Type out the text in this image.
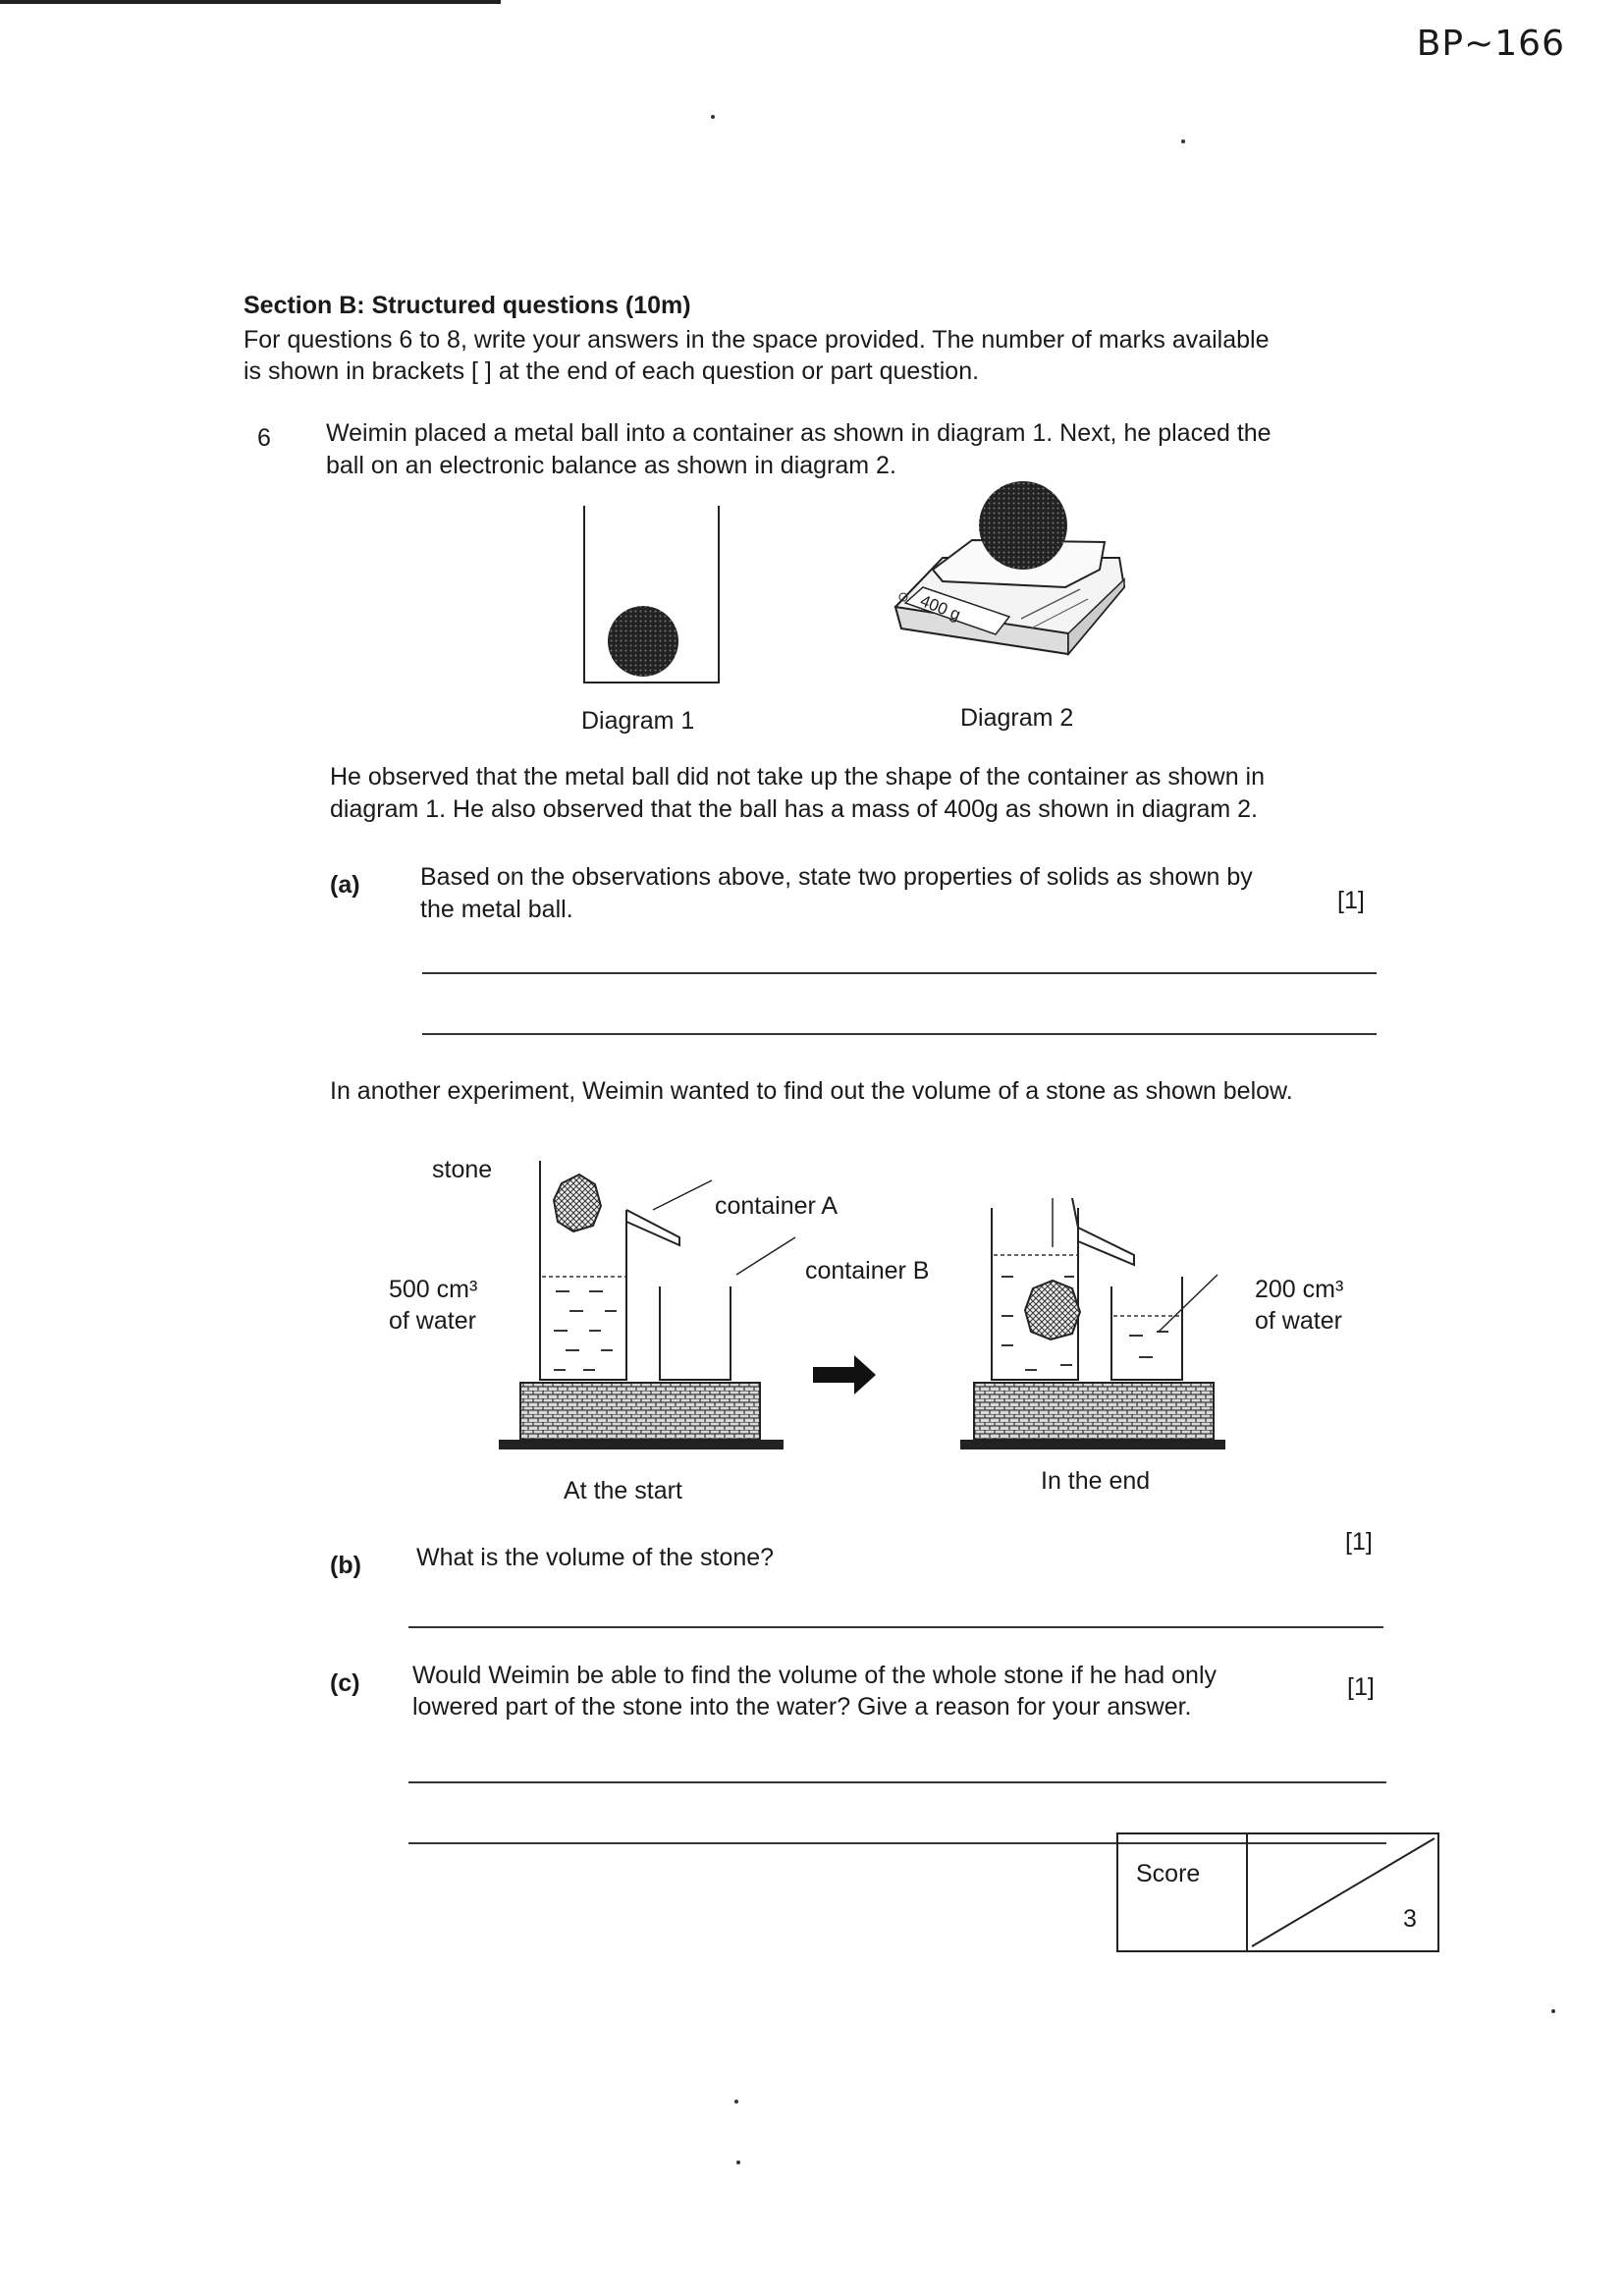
BP~166
Section B: Structured questions (10m)
For questions 6 to 8, write your answers in the space provided. The number of marks available
is shown in brackets [ ] at the end of each question or part question.
6 Weimin placed a metal ball into a container as shown in diagram 1. Next, he placed the
ball on an electronic balance as shown in diagram 2.
Diagram 1
400 g
Diagram 2
He observed that the metal ball did not take up the shape of the container as shown in
diagram 1. He also observed that the ball has a mass of 400g as shown in diagram 2.
(a) Based on the observations above, state two properties of solids as shown by
the metal ball.	[1]
In another experiment, Weimin wanted to find out the volume of a stone as shown below.
stone
container A
container B
500 cm³
of water
200 cm³
of water
At the start	In the end
(b) What is the volume of the stone?
[1]
(c) Would Weimin be able to find the volume of the whole stone if he had only
lowered part of the stone into the water? Give a reason for your answer.
[1]
Score
3
